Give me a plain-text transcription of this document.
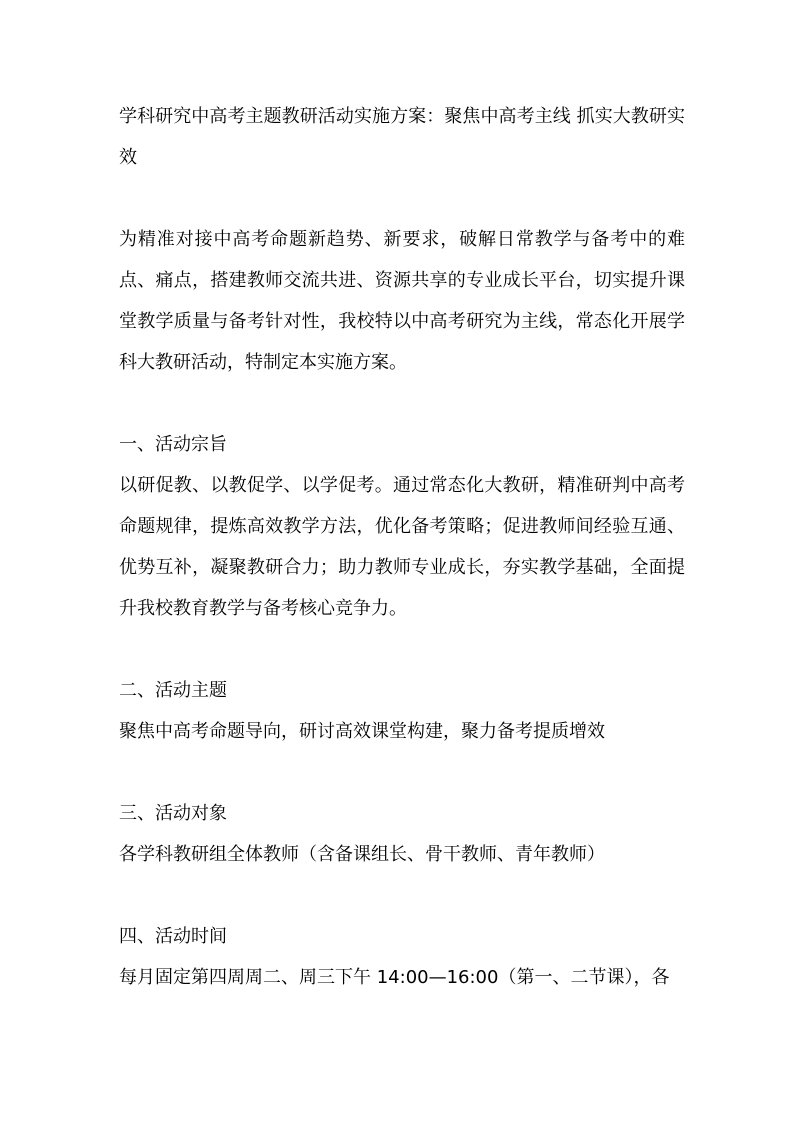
学科研究中高考主题教研活动实施方案：聚焦中高考主线 抓实大教研实效

为精准对接中高考命题新趋势、新要求，破解日常教学与备考中的难点、痛点，搭建教师交流共进、资源共享的专业成长平台，切实提升课堂教学质量与备考针对性，我校特以中高考研究为主线，常态化开展学科大教研活动，特制定本实施方案。

一、活动宗旨

以研促教、以教促学、以学促考。通过常态化大教研，精准研判中高考命题规律，提炼高效教学方法，优化备考策略；促进教师间经验互通、优势互补，凝聚教研合力；助力教师专业成长，夯实教学基础，全面提升我校教育教学与备考核心竞争力。

二、活动主题

聚焦中高考命题导向，研讨高效课堂构建，聚力备考提质增效

三、活动对象

各学科教研组全体教师（含备课组长、骨干教师、青年教师）

四、活动时间

每月固定第四周周二、周三下午 14:00—16:00（第一、二节课），各
